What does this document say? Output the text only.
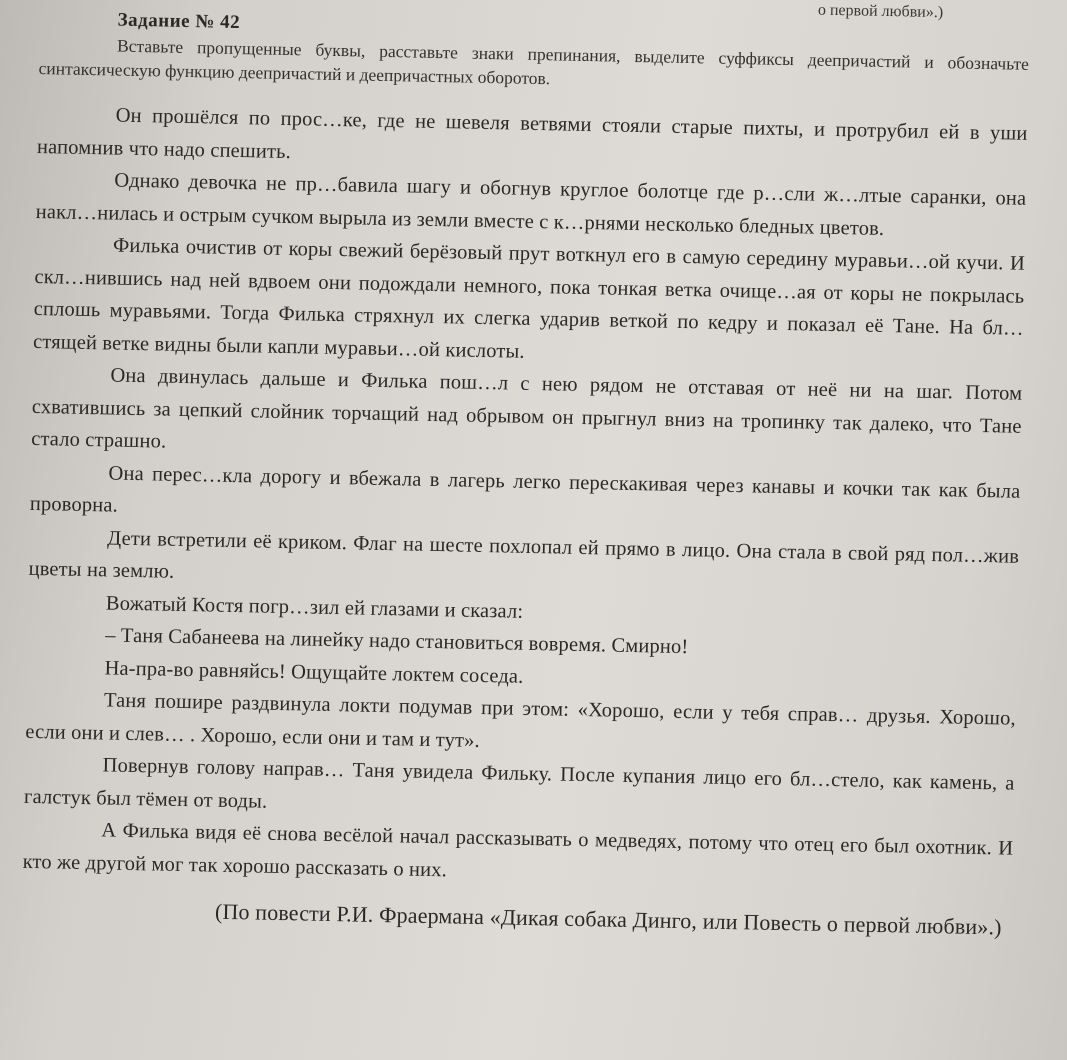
о первой любви».)
Задание № 42
Вставьте пропущенные буквы, расставьте знаки препинания, выделите суффиксы деепричастий и обозначьте синтаксическую функцию деепричастий и деепричастных оборотов.

Он прошёлся по прос…ке, где не шевеля ветвями стояли старые пихты, и протрубил ей в уши напомнив что надо спешить.

Однако девочка не пр…бавила шагу и обогнув круглое болотце где р…сли ж…лтые саранки, она накл…нилась и острым сучком вырыла из земли вместе с к…рнями несколько бледных цветов.

Филька очистив от коры свежий берёзовый прут воткнул его в самую середину муравьи…ой кучи. И скл…нившись над ней вдвоем они подождали немного, пока тонкая ветка очище…ая от коры не покрылась сплошь муравьями. Тогда Филька стряхнул их слегка ударив веткой по кедру и показал её Тане. На бл…стящей ветке видны были капли муравьи…ой кислоты.

Она двинулась дальше и Филька пош…л с нею рядом не отставая от неё ни на шаг. Потом схватившись за цепкий слойник торчащий над обрывом он прыгнул вниз на тропинку так далеко, что Тане стало страшно.

Она перес…кла дорогу и вбежала в лагерь легко перескакивая через канавы и кочки так как была проворна.

Дети встретили её криком. Флаг на шесте похлопал ей прямо в лицо. Она стала в свой ряд пол…жив цветы на землю.

Вожатый Костя погр…зил ей глазами и сказал:

– Таня Сабанеева на линейку надо становиться вовремя. Смирно!

На-пра-во равняйсь! Ощущайте локтем соседа.

Таня пошире раздвинула локти подумав при этом: «Хорошо, если у тебя справ… друзья. Хорошо, если они и слев… . Хорошо, если они и там и тут».

Повернув голову направ… Таня увидела Фильку. После купания лицо его бл…стело, как камень, а галстук был тёмен от воды.

А Филька видя её снова весёлой начал рассказывать о медведях, потому что отец его был охотник. И кто же другой мог так хорошо рассказать о них.

(По повести Р.И. Фраермана «Дикая собака Динго, или Повесть о первой любви».)
